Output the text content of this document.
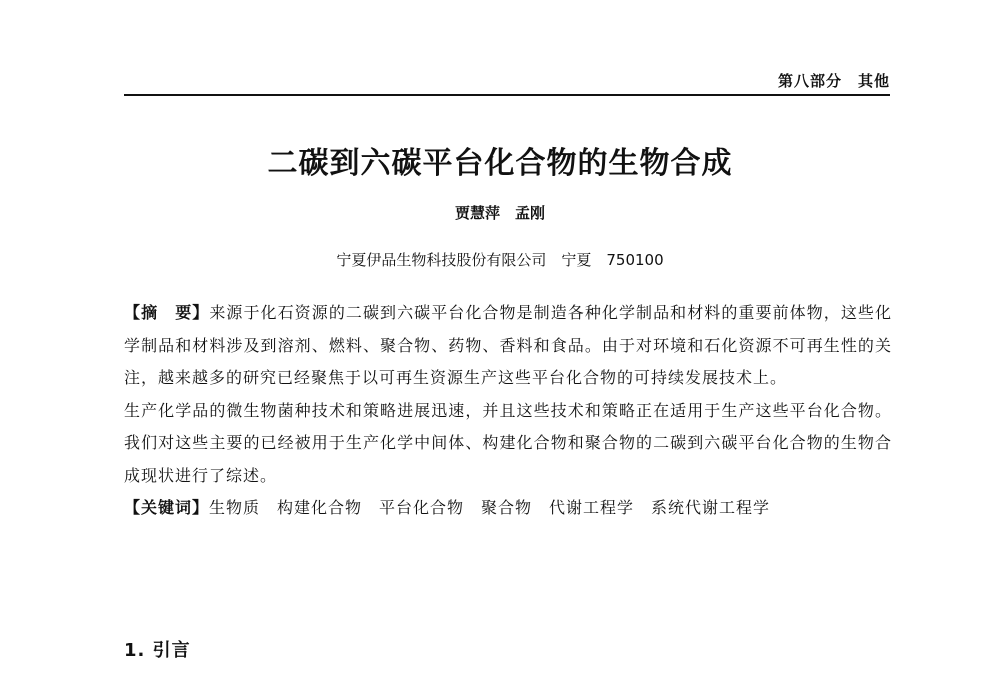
第八部分　其他
二碳到六碳平台化合物的生物合成
贾慧萍　孟刚
宁夏伊品生物科技股份有限公司　宁夏　750100

【摘　要】来源于化石资源的二碳到六碳平台化合物是制造各种化学制品和材料的重要前体物，这些化学制品和材料涉及到溶剂、燃料、聚合物、药物、香料和食品。由于对环境和石化资源不可再生性的关注，越来越多的研究已经聚焦于以可再生资源生产这些平台化合物的可持续发展技术上。

生产化学品的微生物菌种技术和策略进展迅速，并且这些技术和策略正在适用于生产这些平台化合物。我们对这些主要的已经被用于生产化学中间体、构建化合物和聚合物的二碳到六碳平台化合物的生物合成现状进行了综述。

【关键词】生物质　构建化合物　平台化合物　聚合物　代谢工程学　系统代谢工程学

1. 引言
